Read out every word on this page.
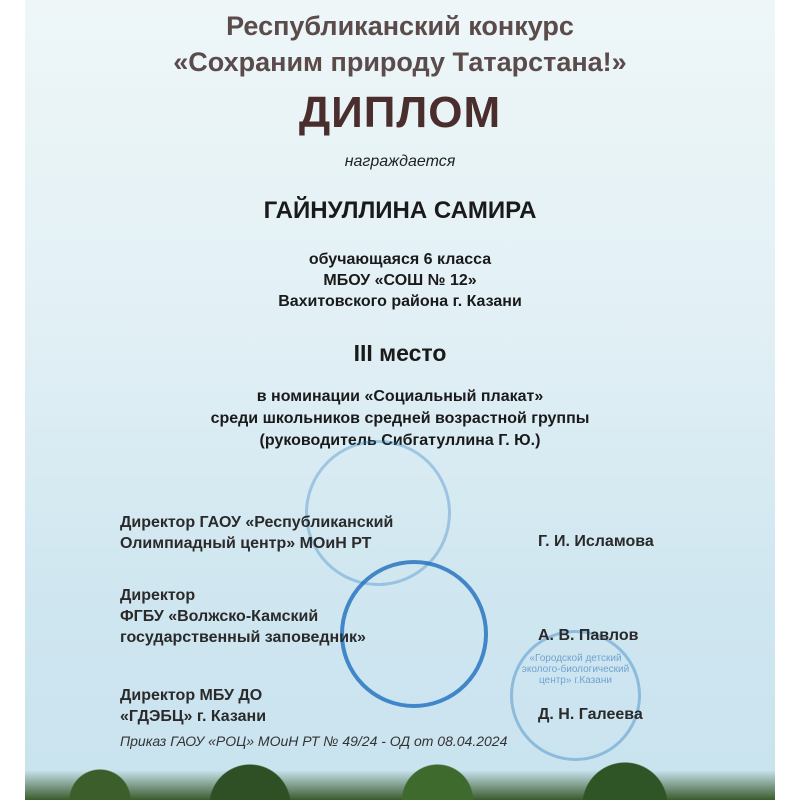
Республиканский конкурс
«Сохраним природу Татарстана!»
ДИПЛОМ
награждается
ГАЙНУЛЛИНА САМИРА
обучающаяся 6 класса
МБОУ «СОШ № 12»
Вахитовского района г. Казани
III место
в номинации «Социальный плакат»
среди школьников средней возрастной группы
(руководитель Сибгатуллина Г. Ю.)
«Городской детский эколого-биологический центр» г.Казани
Директор ГАОУ «Республиканский
Олимпиадный центр» МОиН РТ	Г. И. Исламова
Директор
ФГБУ «Волжско-Камский
государственный заповедник»	А. В. Павлов
Директор МБУ ДО
«ГДЭБЦ» г. Казани	Д. Н. Галеева
Приказ ГАОУ «РОЦ» МОиН РТ № 49/24 - ОД от 08.04.2024
